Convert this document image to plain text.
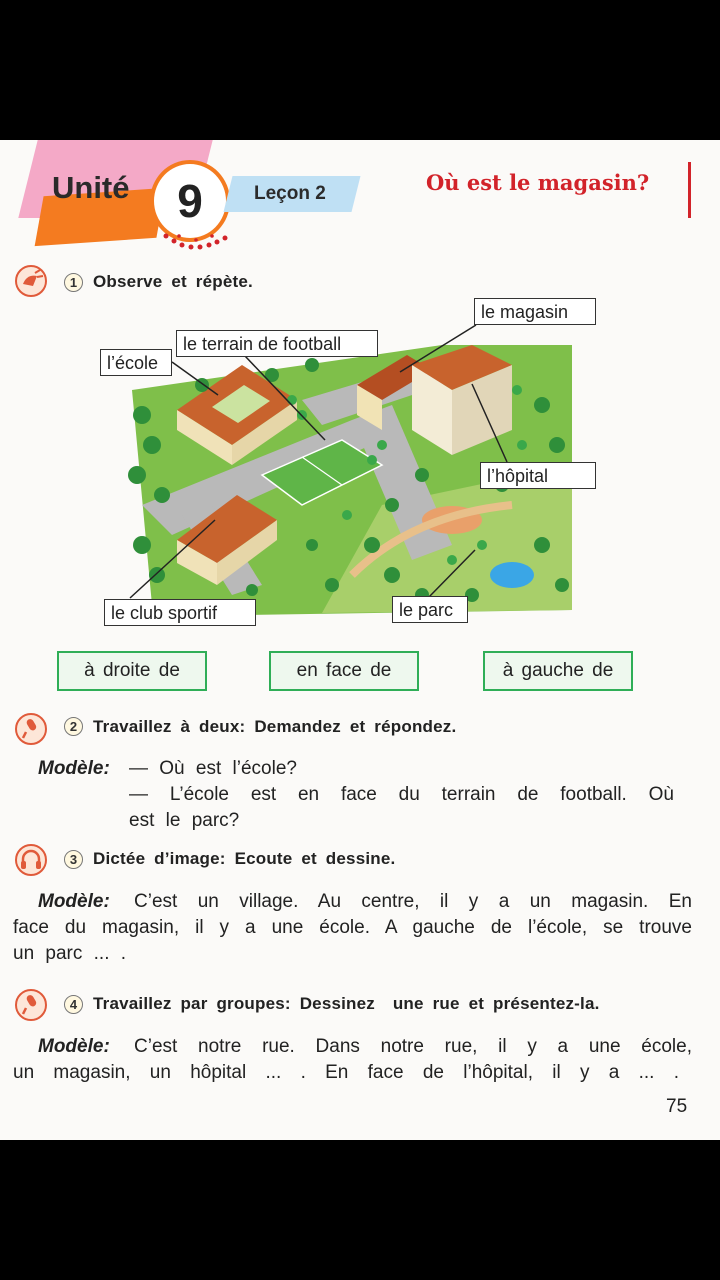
Unité	9	Leçon 2	Où est le magasin?
1 Observe et répète.
le magasin
le terrain de football
l’école
l’hôpital
le club sportif	le parc
à droite de	en face de	à gauche de
2 Travaillez à deux: Demandez et répondez.
Modèle: — Où est l’école?
— L’école est en face du terrain de football. Où
est le parc?
3 Dictée d’image: Ecoute et dessine.
Modèle: C’est un village. Au centre, il y a un magasin. En
face du magasin, il y a une école. A gauche de l’école, se trouve
un parc ... .
4 Travaillez par groupes: Dessinez  une rue et présentez-la.
Modèle: C’est notre rue. Dans notre rue, il y a une école,
un magasin, un hôpital ... . En face de l’hôpital, il y a ... .
75
